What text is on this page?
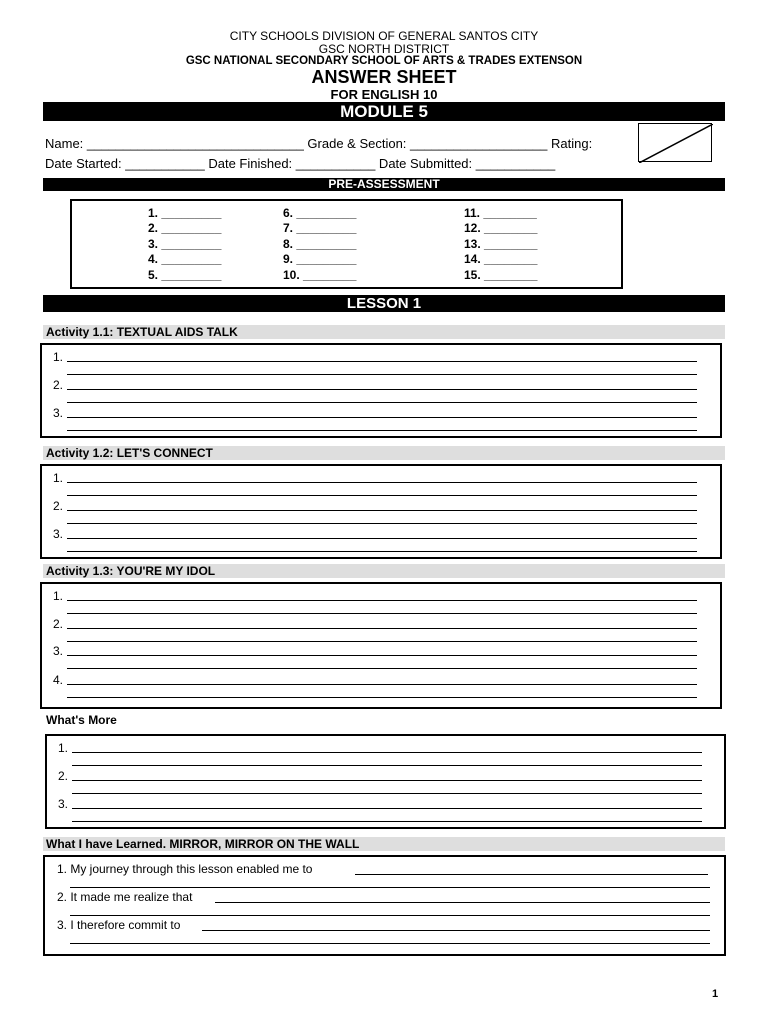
CITY SCHOOLS DIVISION OF GENERAL SANTOS CITY
GSC NORTH DISTRICT
GSC NATIONAL SECONDARY SCHOOL OF ARTS & TRADES EXTENSON
ANSWER SHEET
FOR ENGLISH 10
MODULE 5
Name: ______________________________ Grade & Section: ___________________ Rating:
Date Started: ___________ Date Finished: ___________ Date Submitted: ___________
PRE-ASSESSMENT
1. _________
2. _________
3. _________
4. _________
5. _________
6. _________
7. _________
8. _________
9. _________
10. ________
11. ________
12. ________
13. ________
14. ________
15. ________
LESSON 1
Activity 1.1: TEXTUAL AIDS TALK
1.
2.
3.
Activity 1.2: LET'S CONNECT
1.
2.
3.
Activity 1.3: YOU'RE MY IDOL
1.
2.
3.
4.
What's More
1.
2.
3.
What I have Learned. MIRROR, MIRROR ON THE WALL
1. My journey through this lesson enabled me to
2. It made me realize that
3. I therefore commit to
1
